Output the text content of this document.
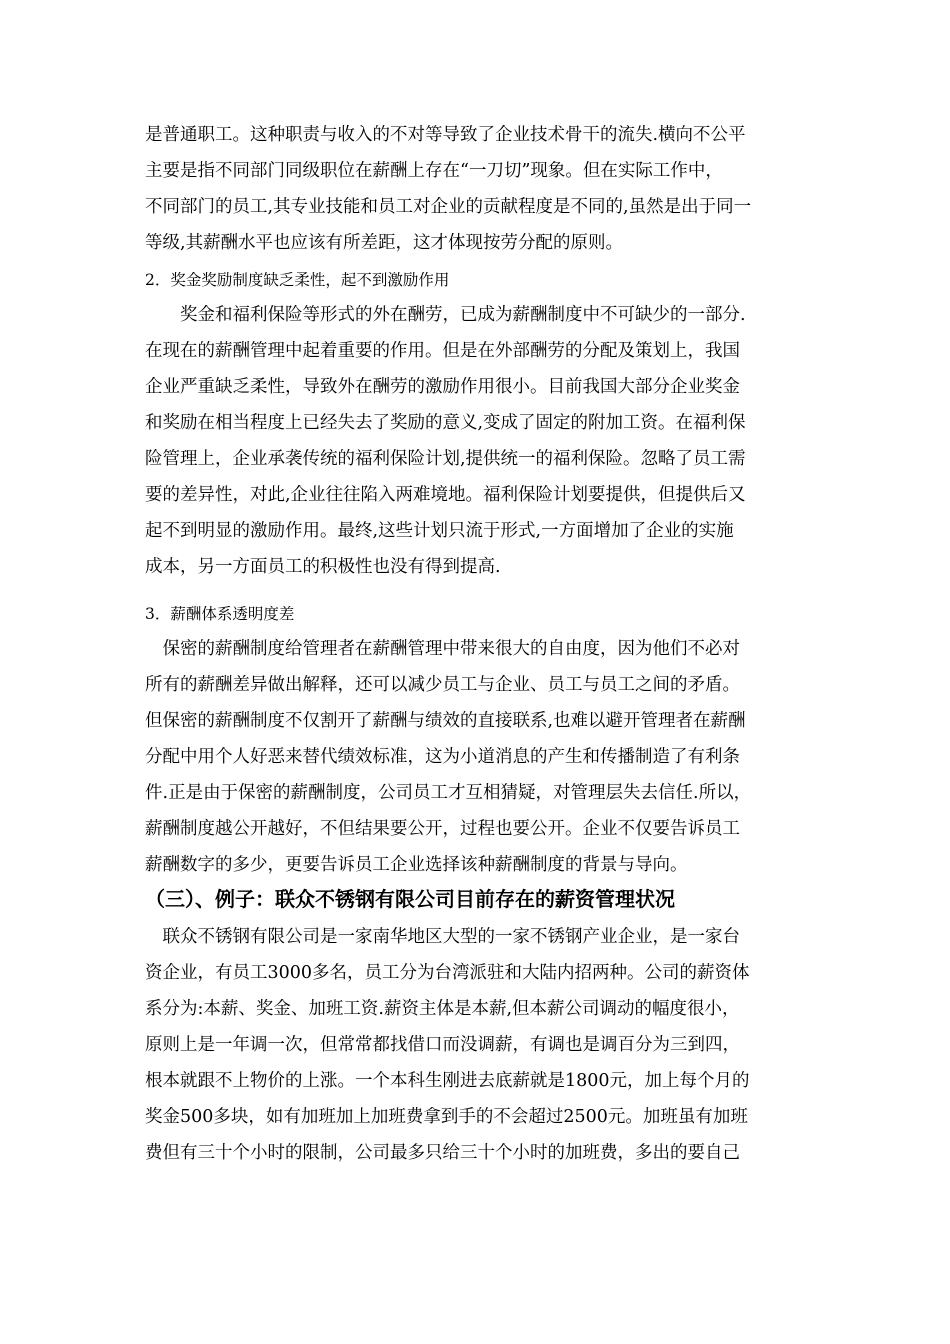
是普通职工。这种职责与收入的不对等导致了企业技术骨干的流失.横向不公平
主要是指不同部门同级职位在薪酬上存在“一刀切”现象。但在实际工作中，
不同部门的员工,其专业技能和员工对企业的贡献程度是不同的,虽然是出于同一
等级,其薪酬水平也应该有所差距，这才体现按劳分配的原则。
2．奖金奖励制度缺乏柔性，起不到激励作用
　　奖金和福利保险等形式的外在酬劳，已成为薪酬制度中不可缺少的一部分.
在现在的薪酬管理中起着重要的作用。但是在外部酬劳的分配及策划上，我国
企业严重缺乏柔性，导致外在酬劳的激励作用很小。目前我国大部分企业奖金
和奖励在相当程度上已经失去了奖励的意义,变成了固定的附加工资。在福利保
险管理上，企业承袭传统的福利保险计划,提供统一的福利保险。忽略了员工需
要的差异性，对此,企业往往陷入两难境地。福利保险计划要提供，但提供后又
起不到明显的激励作用。最终,这些计划只流于形式,一方面增加了企业的实施
成本，另一方面员工的积极性也没有得到提高.
3．薪酬体系透明度差
　保密的薪酬制度给管理者在薪酬管理中带来很大的自由度，因为他们不必对
所有的薪酬差异做出解释，还可以减少员工与企业、员工与员工之间的矛盾。
但保密的薪酬制度不仅割开了薪酬与绩效的直接联系,也难以避开管理者在薪酬
分配中用个人好恶来替代绩效标准，这为小道消息的产生和传播制造了有利条
件.正是由于保密的薪酬制度，公司员工才互相猜疑，对管理层失去信任.所以，
薪酬制度越公开越好，不但结果要公开，过程也要公开。企业不仅要告诉员工
薪酬数字的多少，更要告诉员工企业选择该种薪酬制度的背景与导向。
（三）、例子：联众不锈钢有限公司目前存在的薪资管理状况
　联众不锈钢有限公司是一家南华地区大型的一家不锈钢产业企业，是一家台
资企业，有员工3000多名，员工分为台湾派驻和大陆内招两种。公司的薪资体
系分为:本薪、奖金、加班工资.薪资主体是本薪,但本薪公司调动的幅度很小，
原则上是一年调一次，但常常都找借口而没调薪，有调也是调百分为三到四，
根本就跟不上物价的上涨。一个本科生刚进去底薪就是1800元，加上每个月的
奖金500多块，如有加班加上加班费拿到手的不会超过2500元。加班虽有加班
费但有三十个小时的限制，公司最多只给三十个小时的加班费，多出的要自己
